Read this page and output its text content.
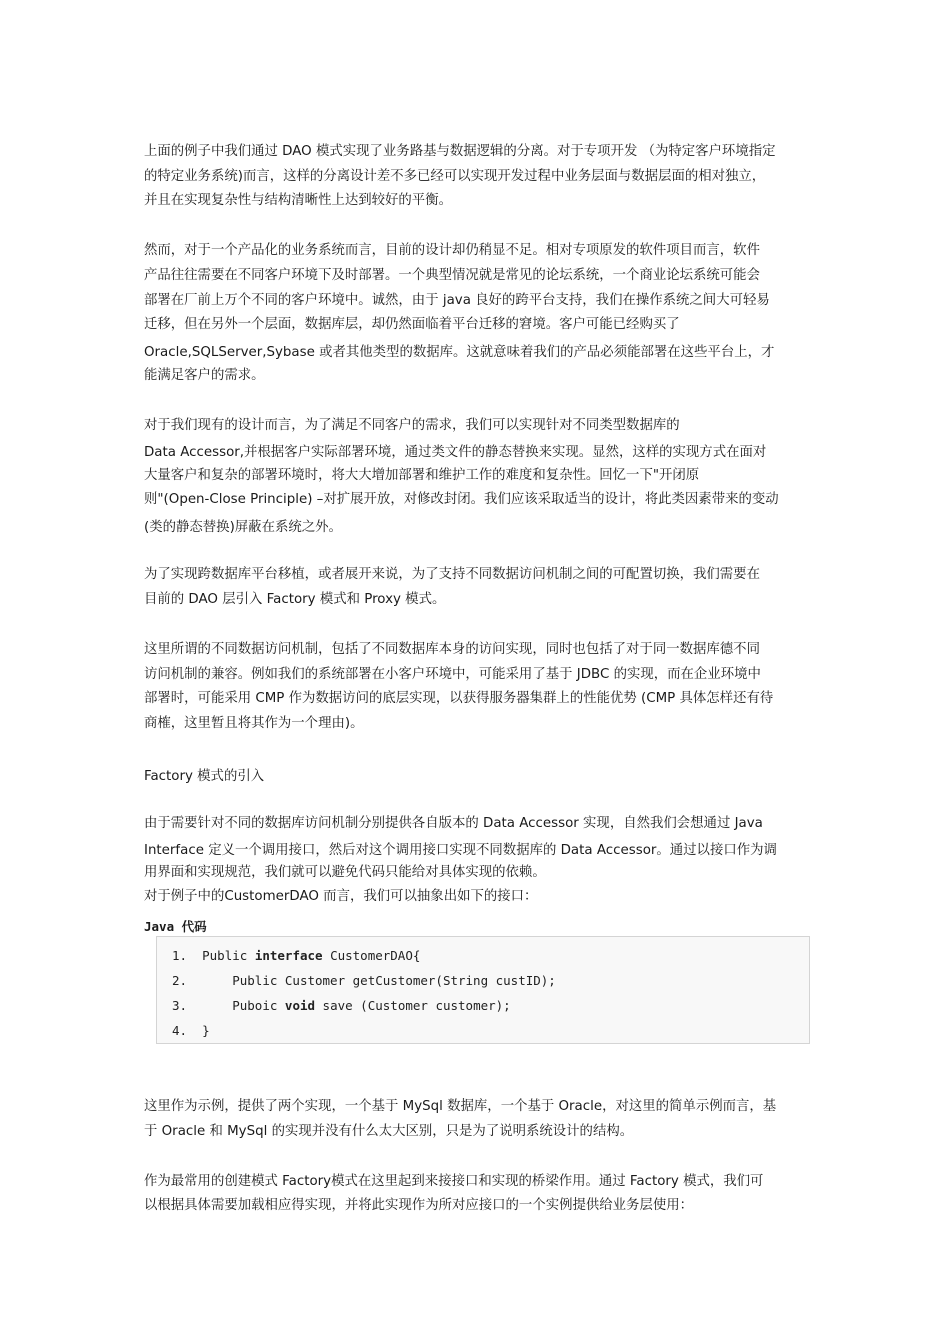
上面的例子中我们通过 DAO 模式实现了业务路基与数据逻辑的分离。对于专项开发 （为特定客户环境指定
的特定业务系统)而言，这样的分离设计差不多已经可以实现开发过程中业务层面与数据层面的相对独立，
并且在实现复杂性与结构清晰性上达到较好的平衡。
然而，对于一个产品化的业务系统而言，目前的设计却仍稍显不足。相对专项原发的软件项目而言，软件
产品往往需要在不同客户环境下及时部署。一个典型情况就是常见的论坛系统，一个商业论坛系统可能会
部署在厂前上万个不同的客户环境中。诚然，由于 java 良好的跨平台支持，我们在操作系统之间大可轻易
迁移，但在另外一个层面，数据库层，却仍然面临着平台迁移的窘境。客户可能已经购买了
Oracle,SQLServer,Sybase 或者其他类型的数据库。这就意味着我们的产品必须能部署在这些平台上，才
能满足客户的需求。
对于我们现有的设计而言，为了满足不同客户的需求，我们可以实现针对不同类型数据库的
Data Accessor,并根据客户实际部署环境，通过类文件的静态替换来实现。显然，这样的实现方式在面对
大量客户和复杂的部署环境时，将大大增加部署和维护工作的难度和复杂性。回忆一下"开闭原
则"(Open-Close Principle) –对扩展开放，对修改封闭。我们应该采取适当的设计，将此类因素带来的变动
(类的静态替换)屏蔽在系统之外。
为了实现跨数据库平台移植，或者展开来说，为了支持不同数据访问机制之间的可配置切换，我们需要在
目前的 DAO 层引入 Factory 模式和 Proxy 模式。
这里所谓的不同数据访问机制，包括了不同数据库本身的访问实现，同时也包括了对于同一数据库德不同
访问机制的兼容。例如我们的系统部署在小客户环境中，可能采用了基于 JDBC 的实现，而在企业环境中
部署时，可能采用 CMP 作为数据访问的底层实现，以获得服务器集群上的性能优势 (CMP 具体怎样还有待
商榷，这里暂且将其作为一个理由)。
Factory 模式的引入
由于需要针对不同的数据库访问机制分别提供各自版本的 Data Accessor 实现，自然我们会想通过 Java
Interface 定义一个调用接口，然后对这个调用接口实现不同数据库的 Data Accessor。通过以接口作为调
用界面和实现规范，我们就可以避免代码只能给对具体实现的依赖。
对于例子中的CustomerDAO 而言，我们可以抽象出如下的接口：
Java 代码
1. Public interface CustomerDAO{
2.      Public Customer getCustomer(String custID);
3.      Puboic void save (Customer customer);
4. }
这里作为示例，提供了两个实现，一个基于 MySql 数据库，一个基于 Oracle，对这里的简单示例而言，基
于 Oracle 和 MySql 的实现并没有什么太大区别，只是为了说明系统设计的结构。
作为最常用的创建模式 Factory模式在这里起到来接接口和实现的桥梁作用。通过 Factory 模式，我们可
以根据具体需要加载相应得实现，并将此实现作为所对应接口的一个实例提供给业务层使用：
